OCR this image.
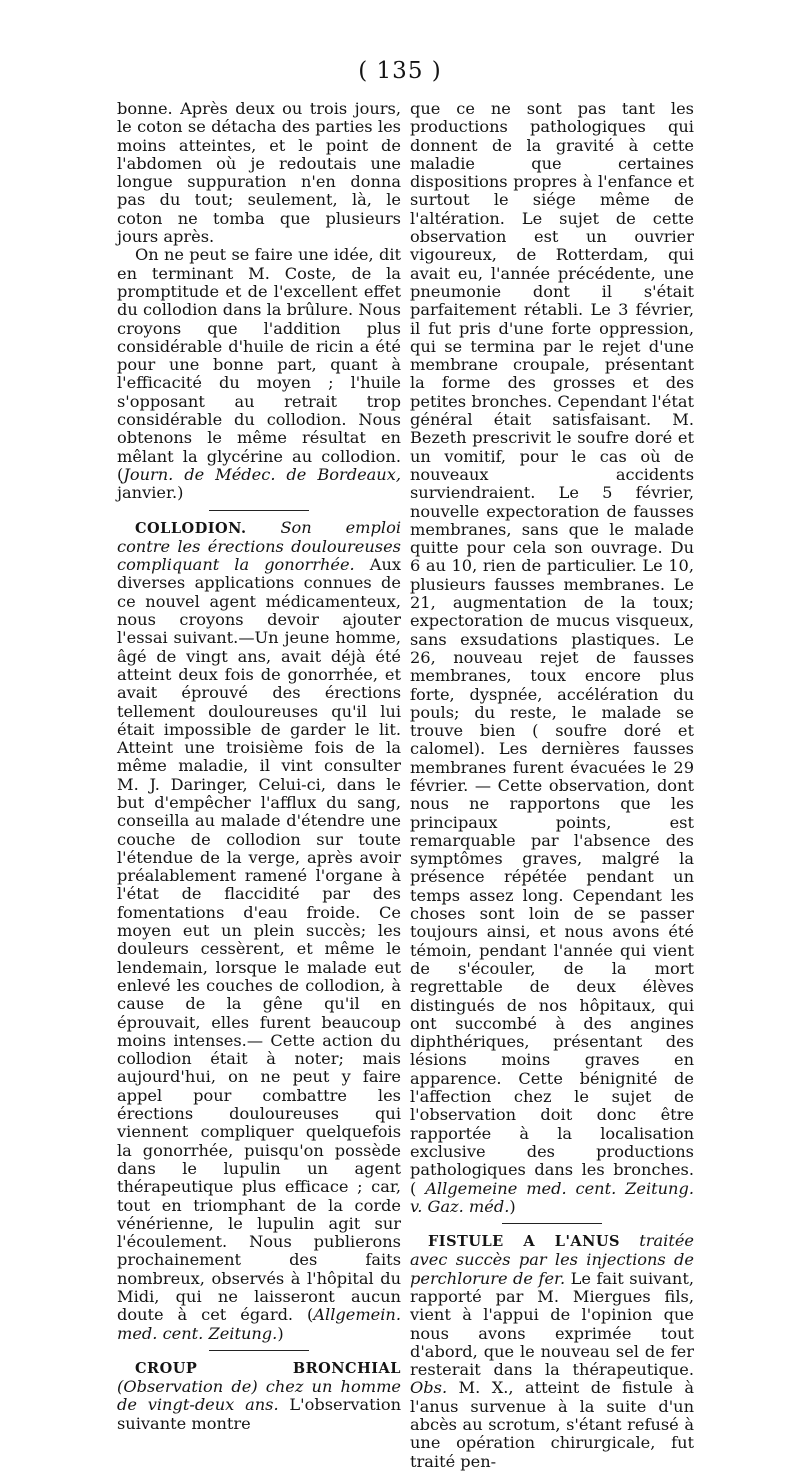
( 135 )

bonne. Après deux ou trois jours, le coton se détacha des parties les moins atteintes, et le point de l'abdomen où je redoutais une longue suppuration n'en donna pas du tout; seulement, là, le coton ne tomba que plusieurs jours après.

On ne peut se faire une idée, dit en terminant M. Coste, de la promptitude et de l'excellent effet du collodion dans la brûlure. Nous croyons que l'addition plus considérable d'huile de ricin a été pour une bonne part, quant à l'efficacité du moyen ; l'huile s'opposant au retrait trop considérable du collodion. Nous obtenons le même résultat en mêlant la glycérine au collodion. (Journ. de Médec. de Bordeaux, janvier.)

COLLODION. Son emploi contre les érections douloureuses compliquant la gonorrhée. Aux diverses applications connues de ce nouvel agent médicamenteux, nous croyons devoir ajouter l'essai suivant.—Un jeune homme, âgé de vingt ans, avait déjà été atteint deux fois de gonorrhée, et avait éprouvé des érections tellement douloureuses qu'il lui était impossible de garder le lit. Atteint une troisième fois de la même maladie, il vint consulter M. J. Daringer, Celui-ci, dans le but d'empêcher l'afflux du sang, conseilla au malade d'étendre une couche de collodion sur toute l'étendue de la verge, après avoir préalablement ramené l'organe à l'état de flaccidité par des fomentations d'eau froide. Ce moyen eut un plein succès; les douleurs cessèrent, et même le lendemain, lorsque le malade eut enlevé les couches de collodion, à cause de la gêne qu'il en éprouvait, elles furent beaucoup moins intenses.— Cette action du collodion était à noter; mais aujourd'hui, on ne peut y faire appel pour combattre les érections douloureuses qui viennent compliquer quelquefois la gonorrhée, puisqu'on possède dans le lupulin un agent thérapeutique plus efficace ; car, tout en triomphant de la corde vénérienne, le lupulin agit sur l'écoulement. Nous publierons prochainement des faits nombreux, observés à l'hôpital du Midi, qui ne laisseront aucun doute à cet égard. (Allgemein. med. cent. Zeitung.)

CROUP BRONCHIAL (Observation de) chez un homme de vingt-deux ans. L'observation suivante montre

que ce ne sont pas tant les productions pathologiques qui donnent de la gravité à cette maladie que certaines dispositions propres à l'enfance et surtout le siége même de l'altération. Le sujet de cette observation est un ouvrier vigoureux, de Rotterdam, qui avait eu, l'année précédente, une pneumonie dont il s'était parfaitement rétabli. Le 3 février, il fut pris d'une forte oppression, qui se termina par le rejet d'une membrane croupale, présentant la forme des grosses et des petites bronches. Cependant l'état général était satisfaisant. M. Bezeth prescrivit le soufre doré et un vomitif, pour le cas où de nouveaux accidents surviendraient. Le 5 février, nouvelle expectoration de fausses membranes, sans que le malade quitte pour cela son ouvrage. Du 6 au 10, rien de particulier. Le 10, plusieurs fausses membranes. Le 21, augmentation de la toux; expectoration de mucus visqueux, sans exsudations plastiques. Le 26, nouveau rejet de fausses membranes, toux encore plus forte, dyspnée, accélération du pouls; du reste, le malade se trouve bien ( soufre doré et calomel). Les dernières fausses membranes furent évacuées le 29 février. — Cette observation, dont nous ne rapportons que les principaux points, est remarquable par l'absence des symptômes graves, malgré la présence répétée pendant un temps assez long. Cependant les choses sont loin de se passer toujours ainsi, et nous avons été témoin, pendant l'année qui vient de s'écouler, de la mort regrettable de deux élèves distingués de nos hôpitaux, qui ont succombé à des angines diphthériques, présentant des lésions moins graves en apparence. Cette bénignité de l'affection chez le sujet de l'observation doit donc être rapportée à la localisation exclusive des productions pathologiques dans les bronches. ( Allgemeine med. cent. Zeitung. v. Gaz. méd.)

FISTULE A L'ANUS traitée avec succès par les injections de perchlorure de fer. Le fait suivant, rapporté par M. Miergues fils, vient à l'appui de l'opinion que nous avons exprimée tout d'abord, que le nouveau sel de fer resterait dans la thérapeutique. Obs. M. X., atteint de fistule à l'anus survenue à la suite d'un abcès au scrotum, s'étant refusé à une opération chirurgicale, fut traité pen-
